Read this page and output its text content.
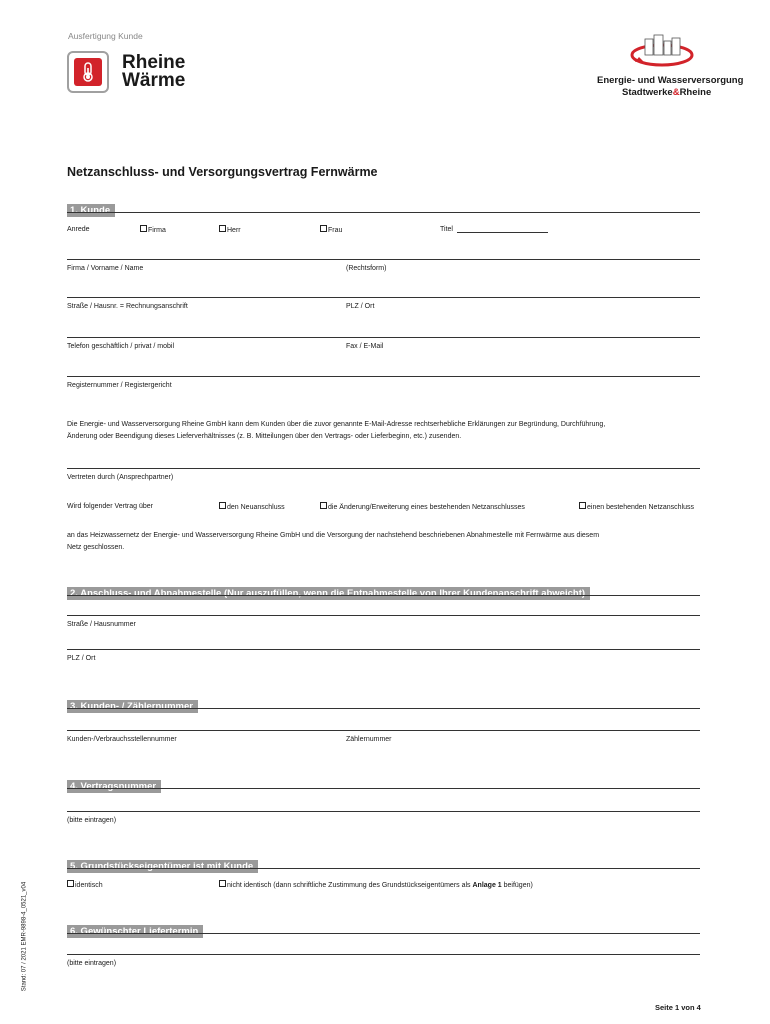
Ausfertigung Kunde
Rheine
Wärme	Energie- und Wasserversorgung
Stadtwerke&Rheine
Netzanschluss- und Versorgungsvertrag Fernwärme
1. Kunde
Anrede	Firma	Herr	Frau	Titel
Firma / Vorname / Name	(Rechtsform)
Straße / Hausnr. = Rechnungsanschrift	PLZ / Ort
Telefon geschäftlich / privat / mobil	Fax / E-Mail
Registernummer / Registergericht
Die Energie- und Wasserversorgung Rheine GmbH kann dem Kunden über die zuvor genannte E-Mail-Adresse rechtserhebliche Erklärungen zur Begründung, Durchführung,
Änderung oder Beendigung dieses Lieferverhältnisses (z. B. Mitteilungen über den Vertrags- oder Lieferbeginn, etc.) zusenden.
Vertreten durch (Ansprechpartner)
Wird folgender Vertrag über	den Neuanschluss	die Änderung/Erweiterung eines bestehenden Netzanschlusses	einen bestehenden Netzanschluss
an das Heizwassernetz der Energie- und Wasserversorgung Rheine GmbH und die Versorgung der nachstehend beschriebenen Abnahmestelle mit Fernwärme aus diesem
Netz geschlossen.
2. Anschluss- und Abnahmestelle (Nur auszufüllen, wenn die Entnahmestelle von Ihrer Kundenanschrift abweicht)
Straße / Hausnummer
PLZ / Ort
3. Kunden- / Zählernummer
Kunden-/Verbrauchsstellennummer	Zählernummer
4. Vertragsnummer
(bitte eintragen)
5. Grundstückseigentümer ist mit Kunde
identisch	nicht identisch (dann schriftliche Zustimmung des Grundstückseigentümers als Anlage 1 beifügen)
6. Gewünschter Liefertermin
(bitte eintragen)
Stand: 07 / 2021 EMR-9898-4_0521_v04
Seite 1 von 4
